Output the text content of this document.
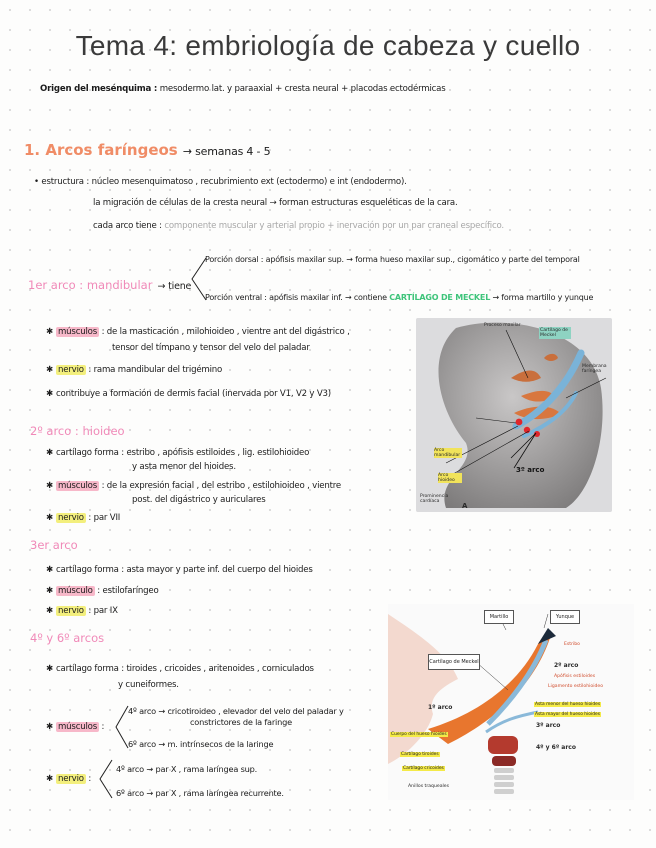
Tema 4: embriología de cabeza y cuello
Origen del mesénquima : mesodermo lat. y paraaxial + cresta neural + placodas ectodérmicas
1. Arcos faríngeos → semanas 4 - 5
• estructura : núcleo mesenquimatoso , recubrimiento ext (ectodermo) e int (endodermo).
la migración de células de la cresta neural → forman estructuras esqueléticas de la cara.
cada arco tiene : componente muscular y arterial propio + inervación por un par craneal específico.
1er arco : mandibular → tiene
Porción dorsal : apófisis maxilar sup. → forma hueso maxilar sup., cigomático y parte del temporal
Porción ventral : apófisis maxilar inf. → contiene CARTÍLAGO DE MECKEL → forma martillo y yunque
✱ músculos : de la masticación , milohioideo , vientre ant del digástrico ,
tensor del tímpano y tensor del velo del paladar
✱ nervio : rama mandibular del trigémino
✱ contribuye a formación de dermis facial (inervada por V1, V2 y V3)
Proceso maxilar
Cartílago de Meckel
Membrana faríngea
Arco mandibular
Arco hioideo
Prominencia cardíaca
3º arco
A
2º arco : hioideo
✱ cartílago forma : estribo , apófisis estiloides , lig. estilohioideo
y asta menor del hioides.
✱ músculos : de la expresión facial , del estribo , estilohioideo , vientre
post. del digástrico y auriculares
✱ nervio : par VII
3er arco
✱ cartílago forma : asta mayor y parte inf. del cuerpo del hioides
✱ músculo : estilofaríngeo
✱ nervio : par IX
4º y 6º arcos
✱ cartílago forma : tiroides , cricoides , aritenoides , corniculados
y cuneiformes.
✱ músculos :
4º arco → cricotiroideo , elevador del velo del paladar y
constrictores de la faringe
6º arco → m. intrínsecos de la laringe
✱ nervio :
4º arco → par X , rama laríngea sup.
6º arco → par X , rama laríngea recurrente.
Martillo	Yunque
Cartílago de Meckel
Estribo
2º arco
Apófisis estiloides
Ligamento estilohioideo
1º arco	Asta menor del hueso hioides
Asta mayor del hueso hioides
3º arco
Cuerpo del hueso hioides
4º y 6º arco
Cartílago tiroides
Cartílago cricoides
Anillos traqueales
